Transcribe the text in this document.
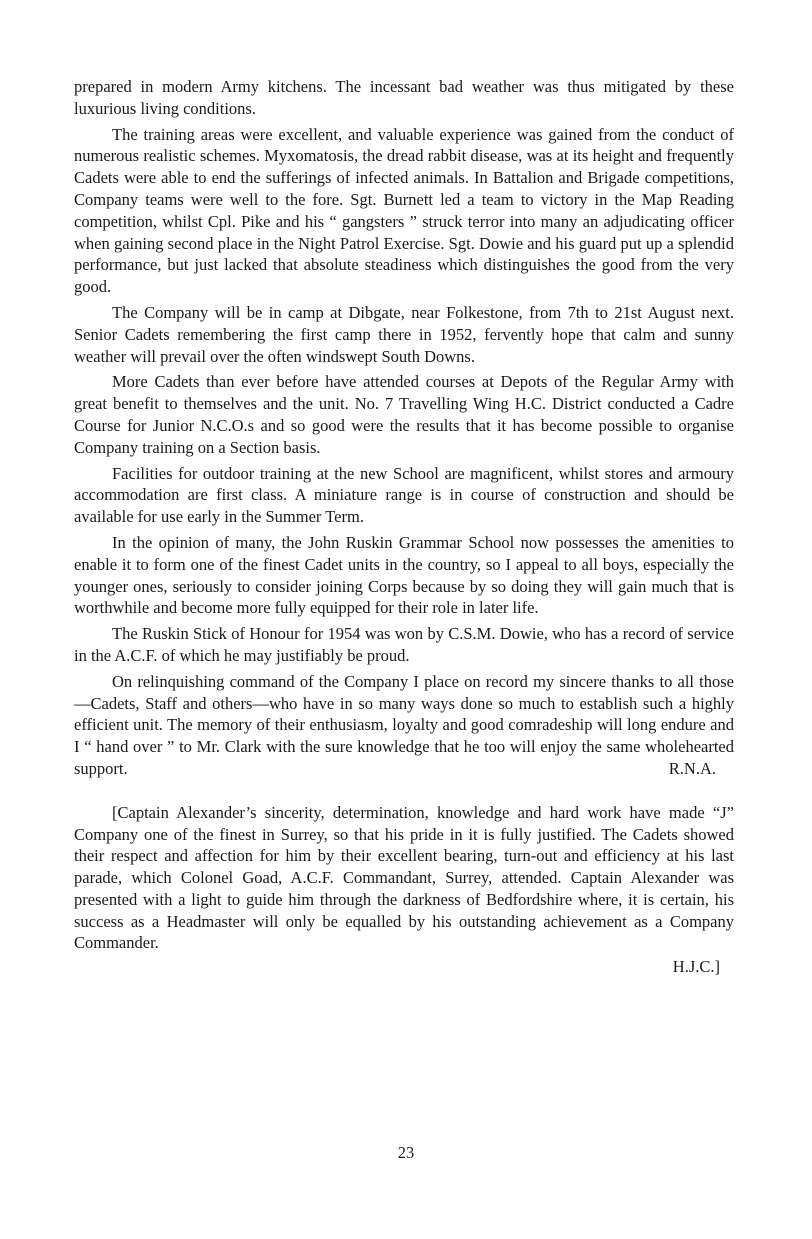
prepared in modern Army kitchens. The incessant bad weather was thus mitigated by these luxurious living conditions.

The training areas were excellent, and valuable experience was gained from the conduct of numerous realistic schemes. Myxomatosis, the dread rabbit disease, was at its height and frequently Cadets were able to end the sufferings of infected animals. In Battalion and Brigade competitions, Company teams were well to the fore. Sgt. Burnett led a team to victory in the Map Reading competition, whilst Cpl. Pike and his “ gangsters ” struck terror into many an adjudicating officer when gaining second place in the Night Patrol Exercise. Sgt. Dowie and his guard put up a splendid performance, but just lacked that absolute steadiness which distinguishes the good from the very good.

The Company will be in camp at Dibgate, near Folkestone, from 7th to 21st August next. Senior Cadets remembering the first camp there in 1952, fervently hope that calm and sunny weather will prevail over the often windswept South Downs.

More Cadets than ever before have attended courses at Depots of the Regular Army with great benefit to themselves and the unit. No. 7 Travelling Wing H.C. District conducted a Cadre Course for Junior N.C.O.s and so good were the results that it has become possible to organise Company training on a Section basis.

Facilities for outdoor training at the new School are magnificent, whilst stores and armoury accommodation are first class. A miniature range is in course of construction and should be available for use early in the Summer Term.

In the opinion of many, the John Ruskin Grammar School now possesses the amenities to enable it to form one of the finest Cadet units in the country, so I appeal to all boys, especially the younger ones, seriously to consider joining Corps because by so doing they will gain much that is worthwhile and become more fully equipped for their role in later life.

The Ruskin Stick of Honour for 1954 was won by C.S.M. Dowie, who has a record of service in the A.C.F. of which he may justifiably be proud.

On relinquishing command of the Company I place on record my sincere thanks to all those—Cadets, Staff and others—who have in so many ways done so much to establish such a highly efficient unit. The memory of their enthusiasm, loyalty and good comradeship will long endure and I “ hand over ” to Mr. Clark with the sure knowledge that he too will enjoy the same wholehearted support.	R.N.A.

[Captain Alexander’s sincerity, determination, knowledge and hard work have made “J” Company one of the finest in Surrey, so that his pride in it is fully justified. The Cadets showed their respect and affection for him by their excellent bearing, turn-out and efficiency at his last parade, which Colonel Goad, A.C.F. Commandant, Surrey, attended. Captain Alexander was presented with a light to guide him through the darkness of Bedfordshire where, it is certain, his success as a Headmaster will only be equalled by his outstanding achievement as a Company Commander.

H.J.C.]

23
